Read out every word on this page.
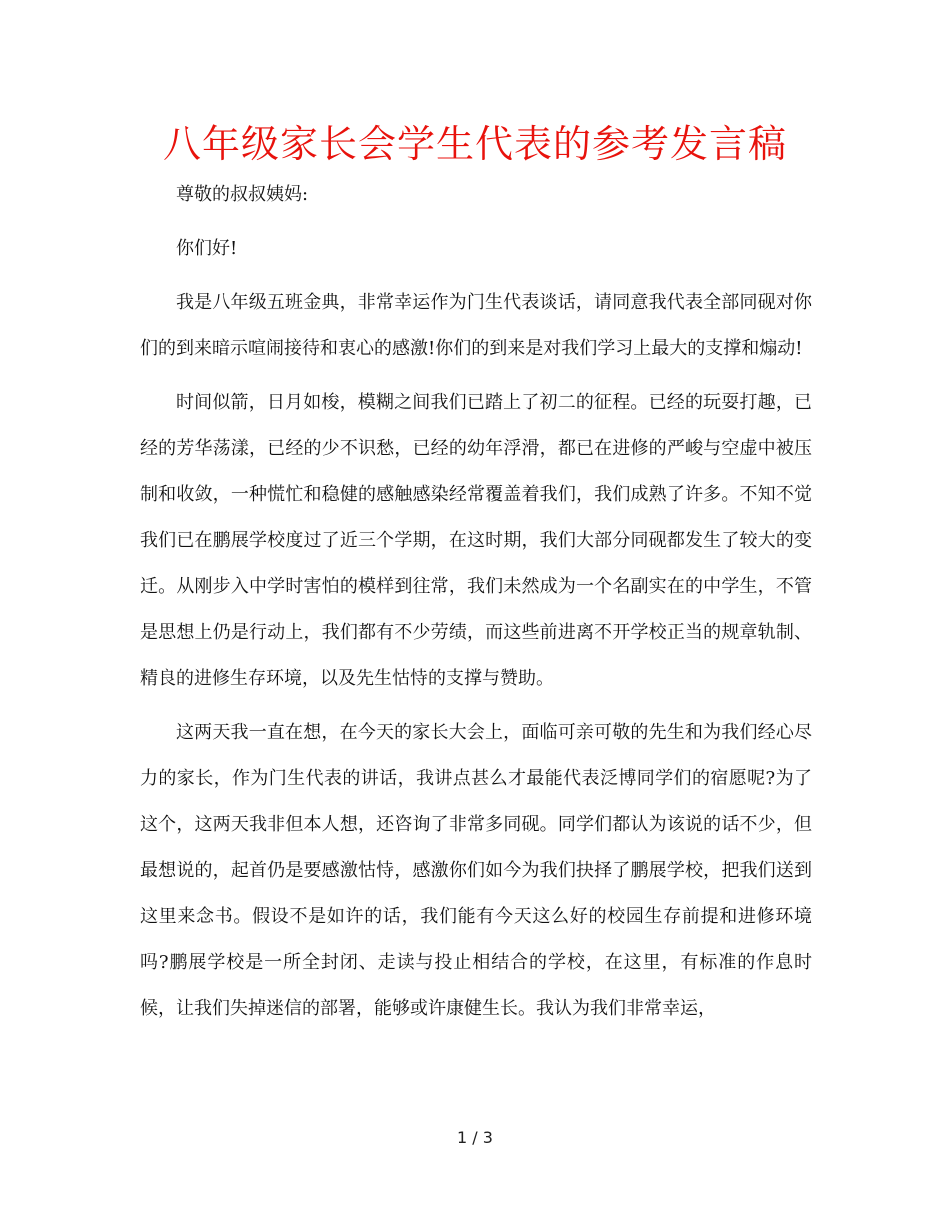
八年级家长会学生代表的参考发言稿

尊敬的叔叔姨妈:

你们好!

我是八年级五班金典，非常幸运作为门生代表谈话，请同意我代表全部同砚对你们的到来暗示喧闹接待和衷心的感激!你们的到来是对我们学习上最大的支撑和煽动!

时间似箭，日月如梭，模糊之间我们已踏上了初二的征程。已经的玩耍打趣，已经的芳华荡漾，已经的少不识愁，已经的幼年浮滑，都已在进修的严峻与空虚中被压制和收敛，一种慌忙和稳健的感触感染经常覆盖着我们，我们成熟了许多。不知不觉我们已在鹏展学校度过了近三个学期，在这时期，我们大部分同砚都发生了较大的变迁。从刚步入中学时害怕的模样到往常，我们未然成为一个名副实在的中学生，不管是思想上仍是行动上，我们都有不少劳绩，而这些前进离不开学校正当的规章轨制、精良的进修生存环境，以及先生怙恃的支撑与赞助。

这两天我一直在想，在今天的家长大会上，面临可亲可敬的先生和为我们经心尽力的家长，作为门生代表的讲话，我讲点甚么才最能代表泛博同学们的宿愿呢?为了这个，这两天我非但本人想，还咨询了非常多同砚。同学们都认为该说的话不少，但最想说的，起首仍是要感激怙恃，感激你们如今为我们抉择了鹏展学校，把我们送到这里来念书。假设不是如许的话，我们能有今天这么好的校园生存前提和进修环境吗?鹏展学校是一所全封闭、走读与投止相结合的学校，在这里，有标准的作息时候，让我们失掉迷信的部署，能够或许康健生长。我认为我们非常幸运，

1 / 3
